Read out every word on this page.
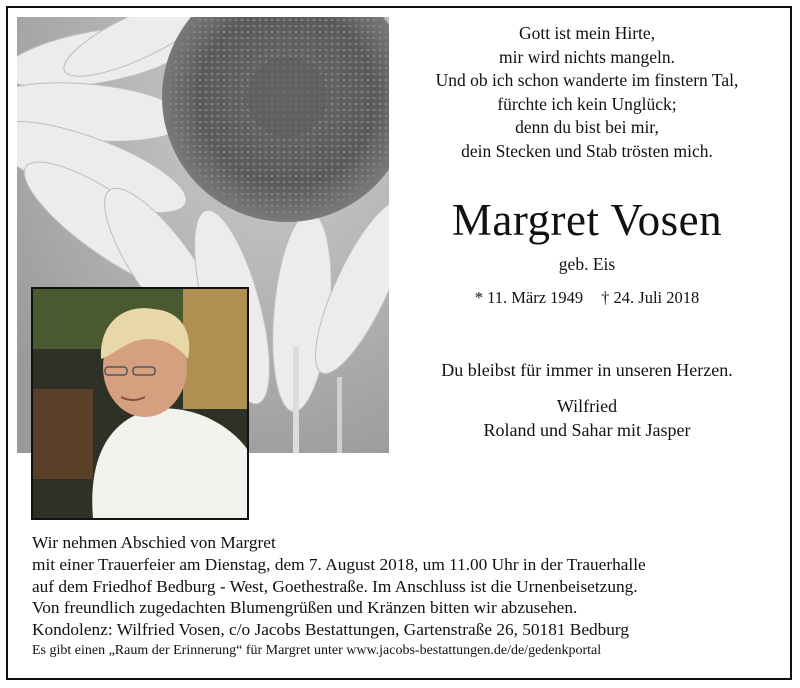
Gott ist mein Hirte,
mir wird nichts mangeln.
Und ob ich schon wanderte im finstern Tal,
fürchte ich kein Unglück;
denn du bist bei mir,
dein Stecken und Stab trösten mich.
Margret Vosen
geb. Eis
* 11. März 1949 † 24. Juli 2018
Du bleibst für immer in unseren Herzen.
Wilfried
Roland und Sahar mit Jasper
Wir nehmen Abschied von Margret
mit einer Trauerfeier am Dienstag, dem 7. August 2018, um 11.00 Uhr in der Trauerhalle
auf dem Friedhof Bedburg - West, Goethestraße. Im Anschluss ist die Urnenbeisetzung.
Von freundlich zugedachten Blumengrüßen und Kränzen bitten wir abzusehen.
Kondolenz: Wilfried Vosen, c/o Jacobs Bestattungen, Gartenstraße 26, 50181 Bedburg
Es gibt einen „Raum der Erinnerung“ für Margret unter www.jacobs-bestattungen.de/de/gedenkportal
